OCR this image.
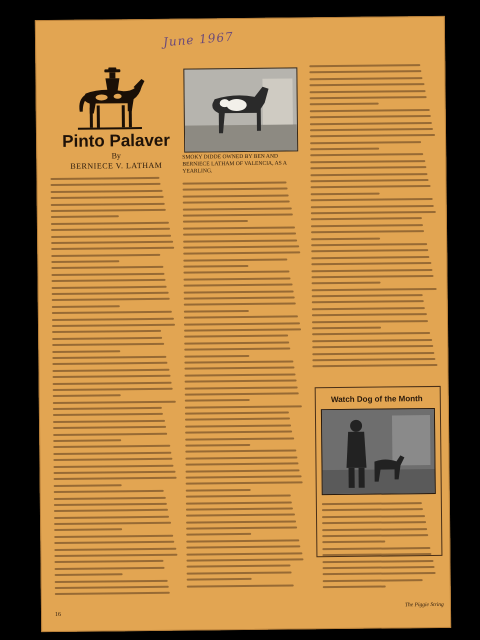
June 1967
Pinto Palaver
By
BERNIECE V. LATHAM
SMOKY DIDDE OWNED BY BEN AND BERNIECE LATHAM OF VALENCIA, AS A YEARLING.
Watch Dog of the Month
16
The Piggie String
